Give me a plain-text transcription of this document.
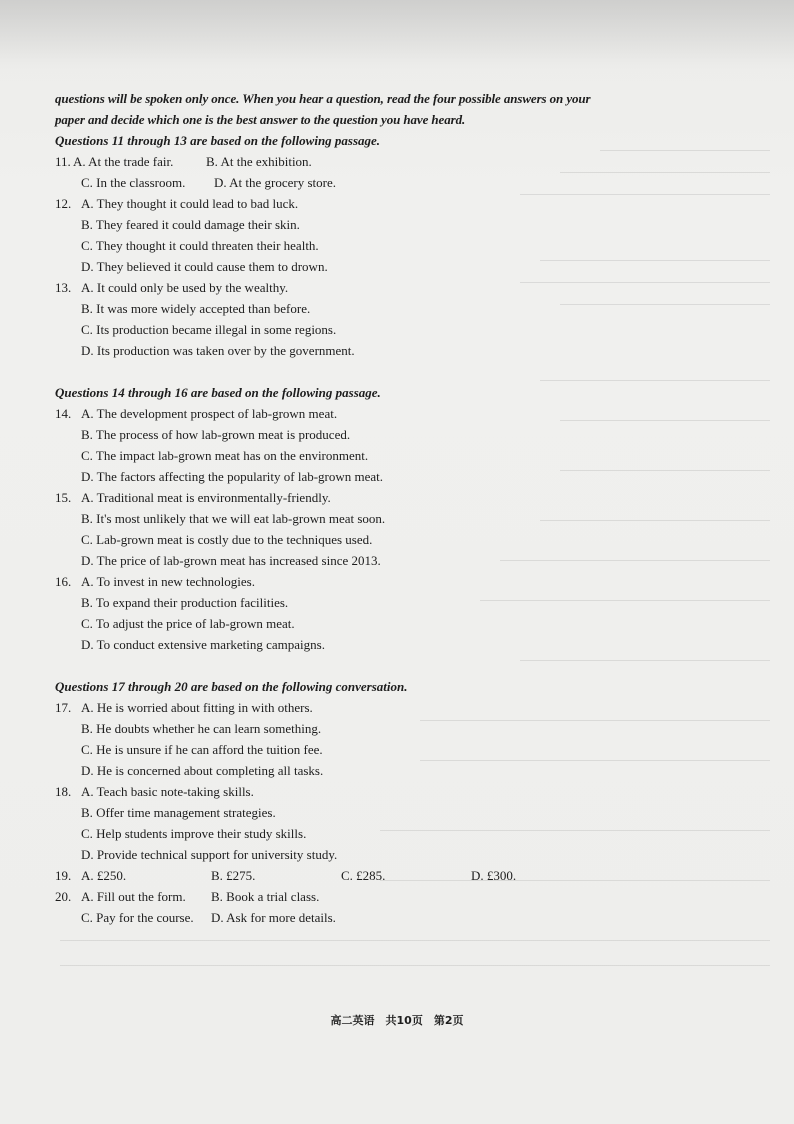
questions will be spoken only once. When you hear a question, read the four possible answers on your
paper and decide which one is the best answer to the question you have heard.
Questions 11 through 13 are based on the following passage.
11. A. At the trade fair.	B. At the exhibition.
C. In the classroom.	D. At the grocery store.
12. A. They thought it could lead to bad luck.
B. They feared it could damage their skin.
C. They thought it could threaten their health.
D. They believed it could cause them to drown.
13. A. It could only be used by the wealthy.
B. It was more widely accepted than before.
C. Its production became illegal in some regions.
D. Its production was taken over by the government.
Questions 14 through 16 are based on the following passage.
14. A. The development prospect of lab-grown meat.
B. The process of how lab-grown meat is produced.
C. The impact lab-grown meat has on the environment.
D. The factors affecting the popularity of lab-grown meat.
15. A. Traditional meat is environmentally-friendly.
B. It's most unlikely that we will eat lab-grown meat soon.
C. Lab-grown meat is costly due to the techniques used.
D. The price of lab-grown meat has increased since 2013.
16. A. To invest in new technologies.
B. To expand their production facilities.
C. To adjust the price of lab-grown meat.
D. To conduct extensive marketing campaigns.
Questions 17 through 20 are based on the following conversation.
17. A. He is worried about fitting in with others.
B. He doubts whether he can learn something.
C. He is unsure if he can afford the tuition fee.
D. He is concerned about completing all tasks.
18. A. Teach basic note-taking skills.
B. Offer time management strategies.
C. Help students improve their study skills.
D. Provide technical support for university study.
19. A. £250.	B. £275.	C. £285.	D. £300.
20. A. Fill out the form.	B. Book a trial class.
C. Pay for the course.	D. Ask for more details.
高二英语　共10页　第2页
